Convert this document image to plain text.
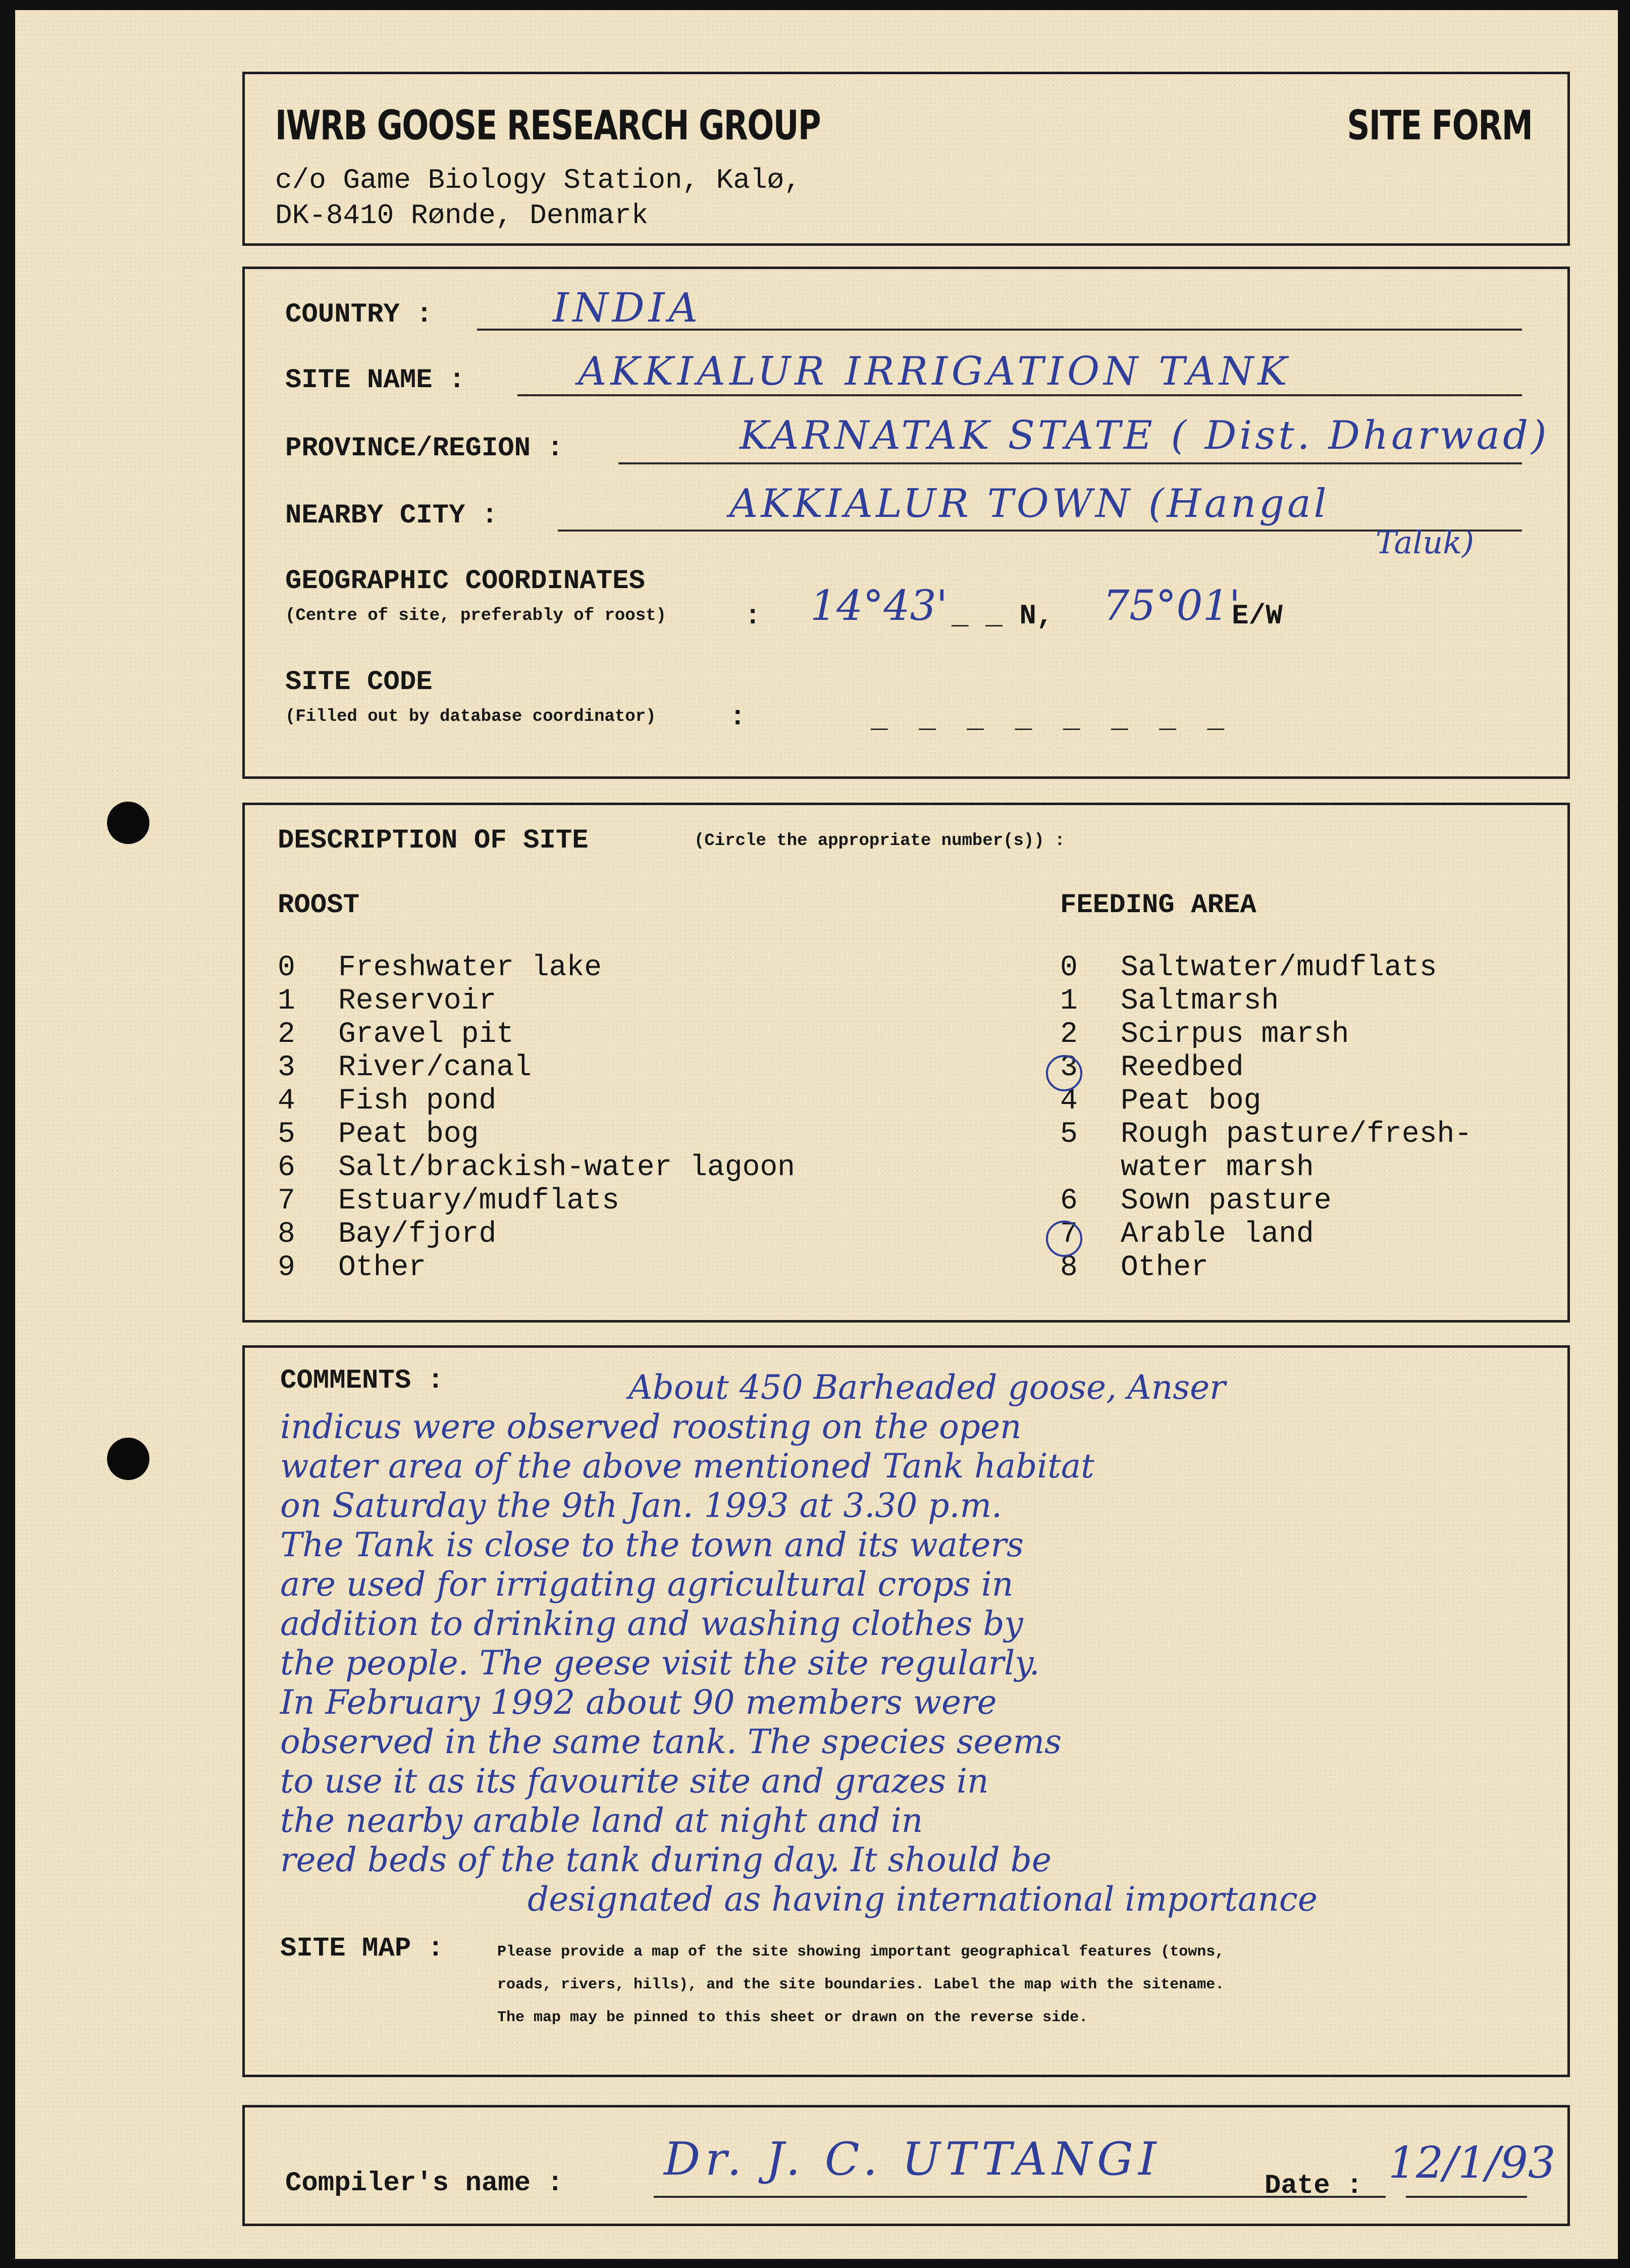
IWRB GOOSE RESEARCH GROUP	SITE FORM
c/o Game Biology Station, Kalø,
DK-8410 Rønde, Denmark
COUNTRY :	INDIA
SITE NAME :	AKKIALUR IRRIGATION TANK
PROVINCE/REGION :	KARNATAK STATE ( Dist. Dharwad)
NEARBY CITY :	AKKIALUR TOWN (Hangal
Taluk)
GEOGRAPHIC COORDINATES
(Centre of site, preferably of roost)	: 14°43' _ _ N, 75°01'
E/W
SITE CODE
(Filled out by database coordinator)	:	_ _ _ _ _ _ _ _
DESCRIPTION OF SITE	(Circle the appropriate number(s)) :
ROOST	FEEDING AREA
0 Freshwater lake
1 Reservoir
2 Gravel pit
3 River/canal
4 Fish pond
5 Peat bog
6 Salt/brackish-water lagoon
7 Estuary/mudflats
8 Bay/fjord
9 Other
0 Saltwater/mudflats
1 Saltmarsh
2 Scirpus marsh
3 Reedbed
4 Peat bog
5 Rough pasture/fresh-
water marsh
6 Sown pasture
7 Arable land
8 Other
COMMENTS :	About 450 Barheaded goose, Anser
indicus were observed roosting on the open
water area of the above mentioned Tank habitat
on Saturday the 9th Jan. 1993 at 3.30 p.m.
The Tank is close to the town and its waters
are used for irrigating agricultural crops in
addition to drinking and washing clothes by
the people. The geese visit the site regularly.
In February 1992 about 90 members were
observed in the same tank. The species seems
to use it as its favourite site and grazes in
the nearby arable land at night and in
reed beds of the tank during day. It should be
designated as having international importance
SITE MAP :	Please provide a map of the site showing important geographical features (towns,
roads, rivers, hills), and the site boundaries. Label the map with the sitename.
The map may be pinned to this sheet or drawn on the reverse side.
Compiler's name : Dr. J. C. UTTANGI
Date : 12/1/93
